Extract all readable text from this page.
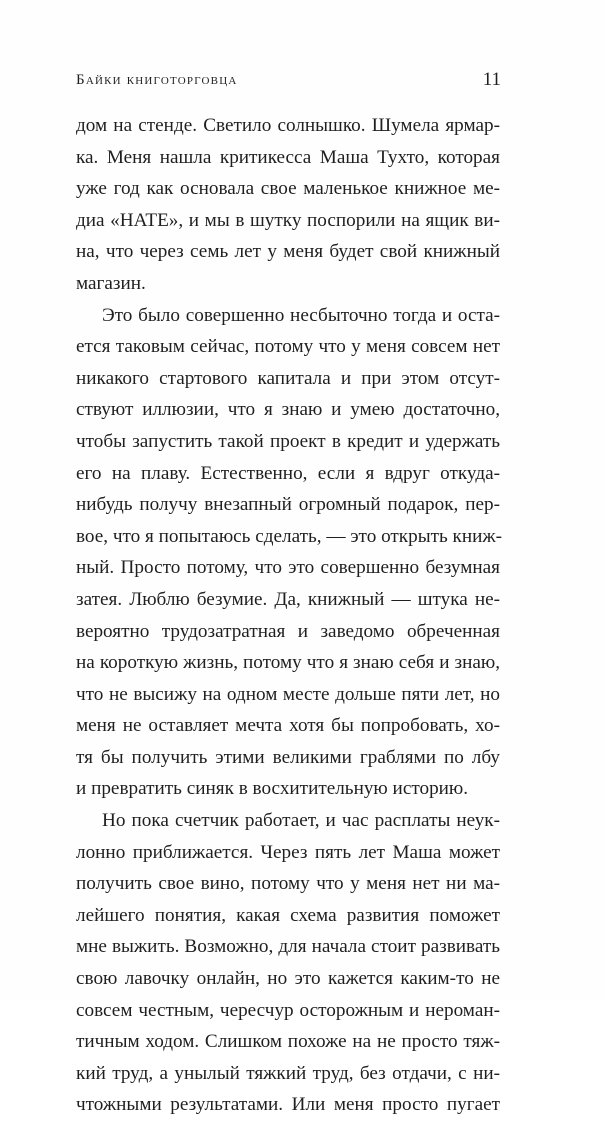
Байки книготорговца	11
дом на стенде. Светило солнышко. Шумела ярмар-
ка. Меня нашла критикесса Маша Тухто, которая
уже год как основала свое маленькое книжное ме-
диа «HATE», и мы в шутку поспорили на ящик ви-
на, что через семь лет у меня будет свой книжный
магазин.
Это было совершенно несбыточно тогда и оста-
ется таковым сейчас, потому что у меня совсем нет
никакого стартового капитала и при этом отсут-
ствуют иллюзии, что я знаю и умею достаточно,
чтобы запустить такой проект в кредит и удержать
его на плаву. Естественно, если я вдруг откуда-
нибудь получу внезапный огромный подарок, пер-
вое, что я попытаюсь сделать, — это открыть книж-
ный. Просто потому, что это совершенно безумная
затея. Люблю безумие. Да, книжный — штука не-
вероятно трудозатратная и заведомо обреченная
на короткую жизнь, потому что я знаю себя и знаю,
что не высижу на одном месте дольше пяти лет, но
меня не оставляет мечта хотя бы попробовать, хо-
тя бы получить этими великими граблями по лбу
и превратить синяк в восхитительную историю.
Но пока счетчик работает, и час расплаты неук-
лонно приближается. Через пять лет Маша может
получить свое вино, потому что у меня нет ни ма-
лейшего понятия, какая схема развития поможет
мне выжить. Возможно, для начала стоит развивать
свою лавочку онлайн, но это кажется каким-то не
совсем честным, чересчур осторожным и нероман-
тичным ходом. Слишком похоже на не просто тяж-
кий труд, а унылый тяжкий труд, без отдачи, с ни-
чтожными результатами. Или меня просто пугает
